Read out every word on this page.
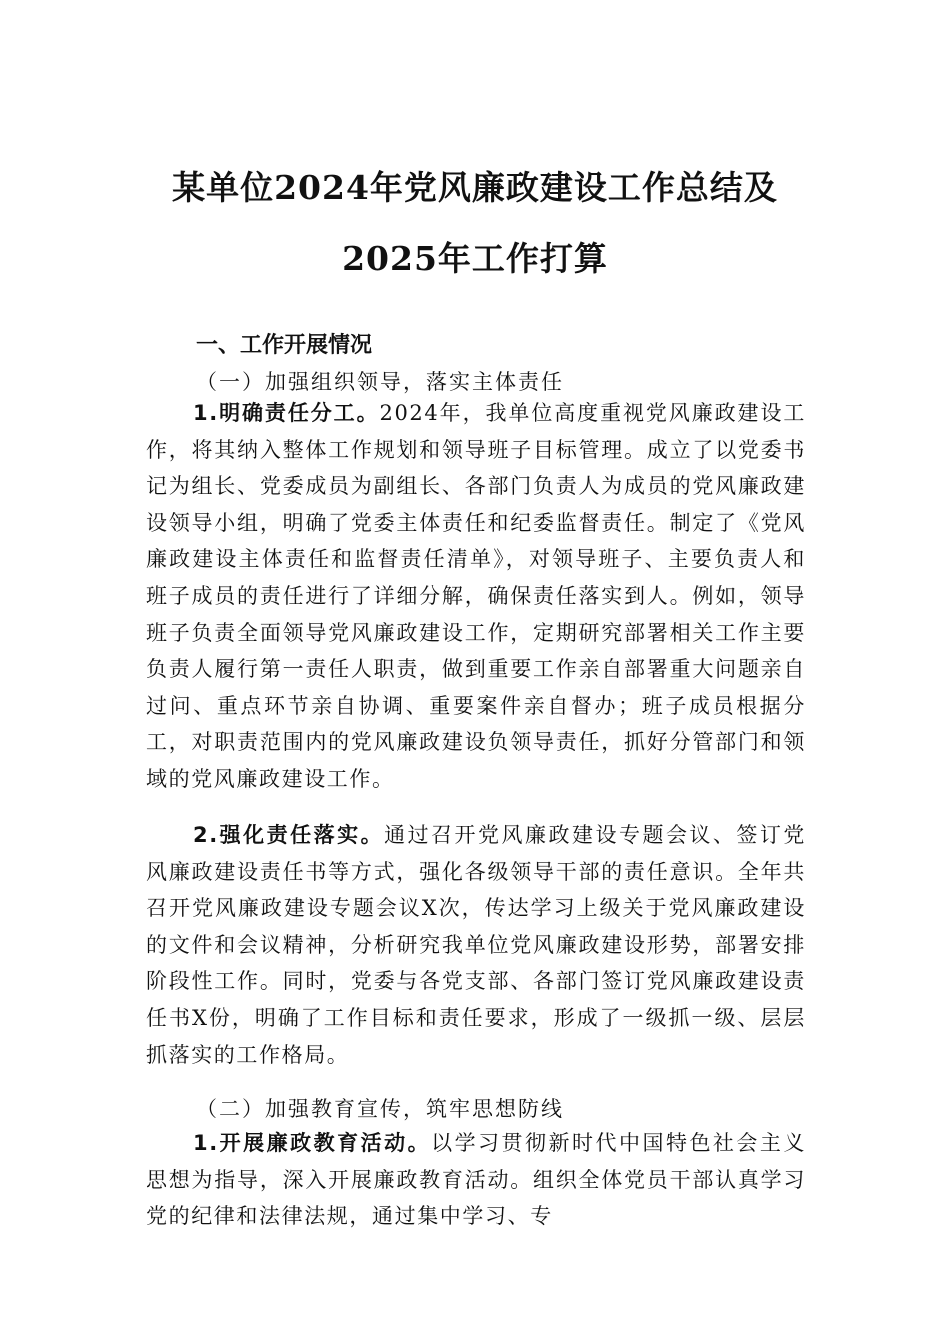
某单位2024年党风廉政建设工作总结及
2025年工作打算
一、工作开展情况
（一）加强组织领导，落实主体责任

1.明确责任分工。2024年，我单位高度重视党风廉政建设工作，将其纳入整体工作规划和领导班子目标管理。成立了以党委书记为组长、党委成员为副组长、各部门负责人为成员的党风廉政建设领导小组，明确了党委主体责任和纪委监督责任。制定了《党风廉政建设主体责任和监督责任清单》，对领导班子、主要负责人和班子成员的责任进行了详细分解，确保责任落实到人。例如，领导班子负责全面领导党风廉政建设工作，定期研究部署相关工作主要负责人履行第一责任人职责，做到重要工作亲自部署重大问题亲自过问、重点环节亲自协调、重要案件亲自督办；班子成员根据分工，对职责范围内的党风廉政建设负领导责任，抓好分管部门和领域的党风廉政建设工作。

2.强化责任落实。通过召开党风廉政建设专题会议、签订党风廉政建设责任书等方式，强化各级领导干部的责任意识。全年共召开党风廉政建设专题会议X次，传达学习上级关于党风廉政建设的文件和会议精神，分析研究我单位党风廉政建设形势，部署安排阶段性工作。同时，党委与各党支部、各部门签订党风廉政建设责任书X份，明确了工作目标和责任要求，形成了一级抓一级、层层抓落实的工作格局。

（二）加强教育宣传，筑牢思想防线

1.开展廉政教育活动。以学习贯彻新时代中国特色社会主义思想为指导，深入开展廉政教育活动。组织全体党员干部认真学习党的纪律和法律法规，通过集中学习、专
